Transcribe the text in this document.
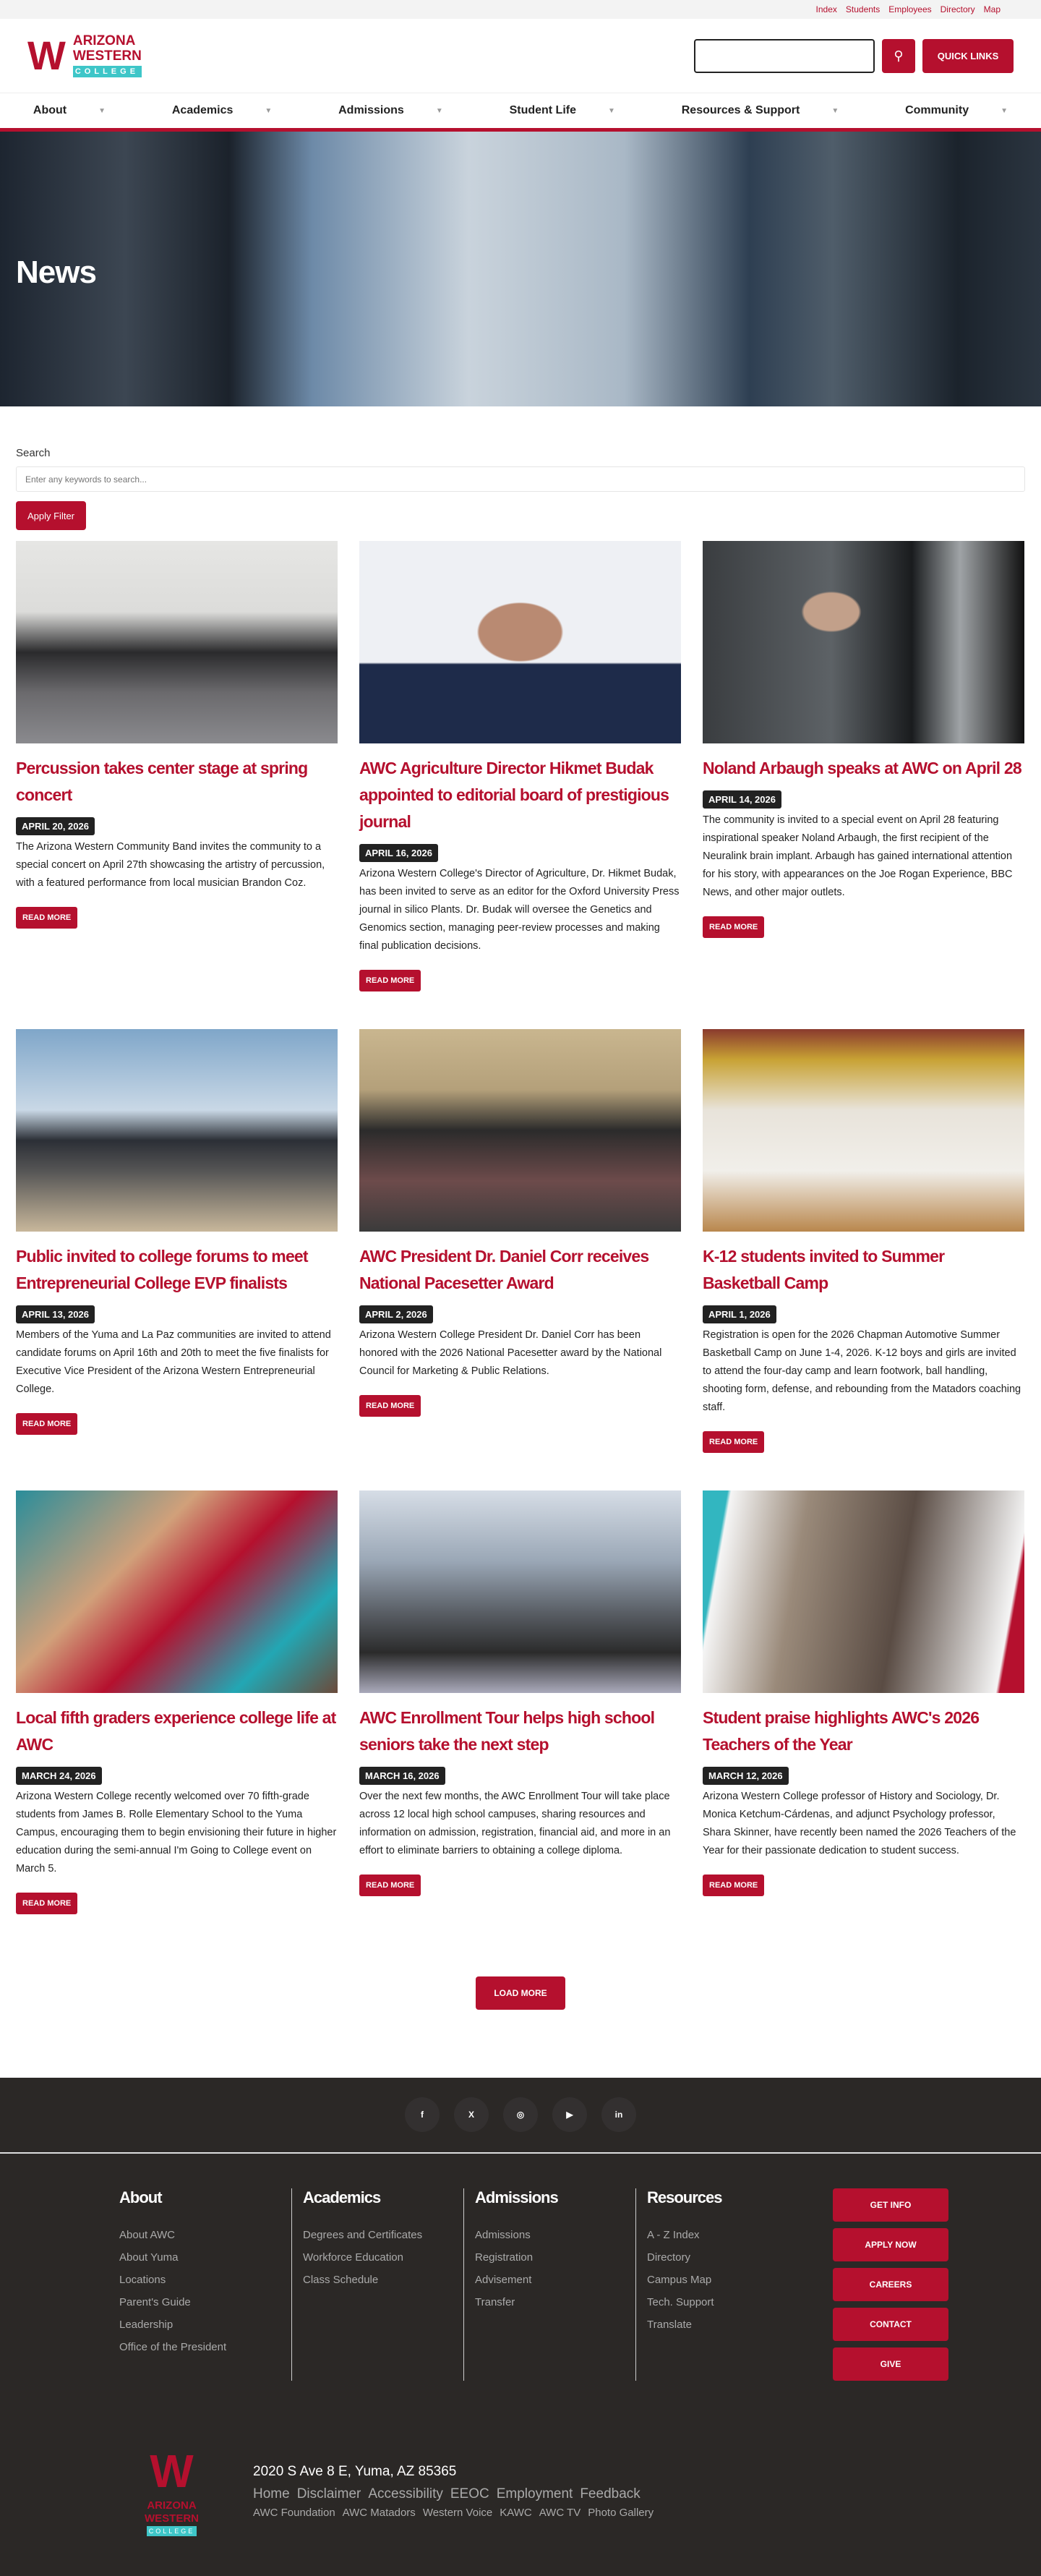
Index Students Employees Directory Map
W ARIZONA
WESTERN
COLLEGE
⚲	QUICK LINKS
About	▼	Academics	▼	Admissions	▼	Student Life	▼	Resources & Support	▼	Community	▼
News
Search
Enter any keywords to search...
Apply Filter
Percussion takes center stage at spring concert
APRIL 20, 2026

The Arizona Western Community Band invites the community to a special concert on April 27th showcasing the artistry of percussion, with a featured performance from local musician Brandon Coz.

READ MORE
AWC Agriculture Director Hikmet Budak appointed to editorial board of prestigious journal
APRIL 16, 2026

Arizona Western College's Director of Agriculture, Dr. Hikmet Budak, has been invited to serve as an editor for the Oxford University Press journal in silico Plants. Dr. Budak will oversee the Genetics and Genomics section, managing peer-review processes and making final publication decisions.

READ MORE
Noland Arbaugh speaks at AWC on April 28
APRIL 14, 2026

The community is invited to a special event on April 28 featuring inspirational speaker Noland Arbaugh, the first recipient of the Neuralink brain implant. Arbaugh has gained international attention for his story, with appearances on the Joe Rogan Experience, BBC News, and other major outlets.

READ MORE
Public invited to college forums to meet Entrepreneurial College EVP finalists
APRIL 13, 2026

Members of the Yuma and La Paz communities are invited to attend candidate forums on April 16th and 20th to meet the five finalists for Executive Vice President of the Arizona Western Entrepreneurial College.

READ MORE
AWC President Dr. Daniel Corr receives National Pacesetter Award
APRIL 2, 2026

Arizona Western College President Dr. Daniel Corr has been honored with the 2026 National Pacesetter award by the National Council for Marketing & Public Relations.

READ MORE
K-12 students invited to Summer Basketball Camp
APRIL 1, 2026

Registration is open for the 2026 Chapman Automotive Summer Basketball Camp on June 1-4, 2026. K-12 boys and girls are invited to attend the four-day camp and learn footwork, ball handling, shooting form, defense, and rebounding from the Matadors coaching staff.

READ MORE
Local fifth graders experience college life at AWC
MARCH 24, 2026

Arizona Western College recently welcomed over 70 fifth-grade students from James B. Rolle Elementary School to the Yuma Campus, encouraging them to begin envisioning their future in higher education during the semi-annual I'm Going to College event on March 5.

READ MORE
AWC Enrollment Tour helps high school seniors take the next step
MARCH 16, 2026

Over the next few months, the AWC Enrollment Tour will take place across 12 local high school campuses, sharing resources and information on admission, registration, financial aid, and more in an effort to eliminate barriers to obtaining a college diploma.

READ MORE
Student praise highlights AWC's 2026 Teachers of the Year
MARCH 12, 2026

Arizona Western College professor of History and Sociology, Dr. Monica Ketchum-Cárdenas, and adjunct Psychology professor, Shara Skinner, have recently been named the 2026 Teachers of the Year for their passionate dedication to student success.

READ MORE
LOAD MORE
f	X	◎	▶	in
About
About AWC
About Yuma
Locations
Parent's Guide
Leadership
Office of the President
Academics
Degrees and Certificates
Workforce Education
Class Schedule
Admissions
Admissions
Registration
Advisement
Transfer
Resources
A - Z Index
Directory
Campus Map
Tech. Support
Translate
GET INFO
APPLY NOW
CAREERS
CONTACT
GIVE
W
ARIZONA
WESTERN
COLLEGE
2020 S Ave 8 E, Yuma, AZ 85365
Home Disclaimer Accessibility EEOC Employment Feedback
AWC Foundation AWC Matadors Western Voice KAWC AWC TV Photo Gallery
